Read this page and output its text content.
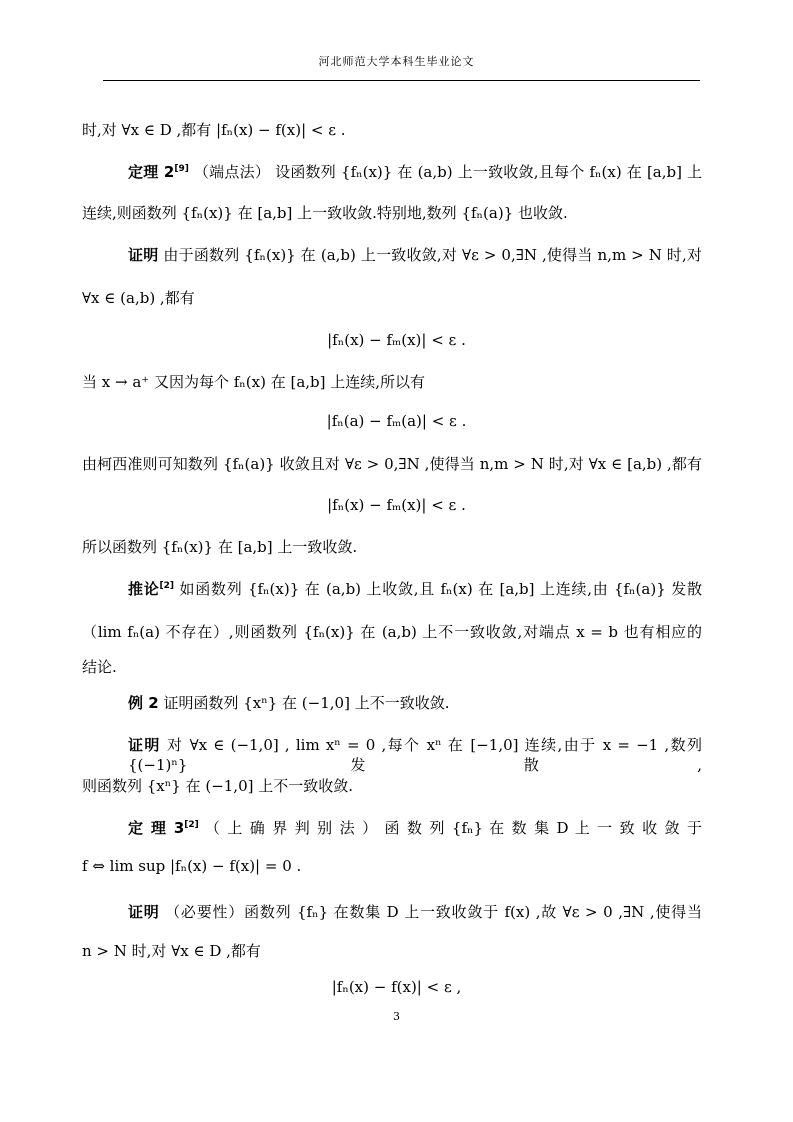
河北师范大学本科生毕业论文
时,对 ∀x ∈ D ,都有 |fₙ(x) − f(x)| < ε .
定理 2[9] （端点法） 设函数列 {fₙ(x)} 在 (a,b) 上一致收敛,且每个 fₙ(x) 在 [a,b] 上
连续,则函数列 {fₙ(x)} 在 [a,b] 上一致收敛.特别地,数列 {fₙ(a)} 也收敛.
证明 由于函数列 {fₙ(x)} 在 (a,b) 上一致收敛,对 ∀ε > 0,∃N ,使得当 n,m > N 时,对
∀x ∈ (a,b) ,都有
|fₙ(x) − fₘ(x)| < ε .
当 x → a⁺ 又因为每个 fₙ(x) 在 [a,b] 上连续,所以有
|fₙ(a) − fₘ(a)| < ε .
由柯西准则可知数列 {fₙ(a)} 收敛且对 ∀ε > 0,∃N ,使得当 n,m > N 时,对 ∀x ∈ [a,b) ,都有
|fₙ(x) − fₘ(x)| < ε .
所以函数列 {fₙ(x)} 在 [a,b] 上一致收敛.
推论[2] 如函数列 {fₙ(x)} 在 (a,b) 上收敛,且 fₙ(x) 在 [a,b] 上连续,由 {fₙ(a)} 发散
（lim fₙ(a) 不存在）,则函数列 {fₙ(x)} 在 (a,b) 上不一致收敛,对端点 x = b 也有相应的
结论.
例 2 证明函数列 {xⁿ} 在 (−1,0] 上不一致收敛.
证明 对 ∀x ∈ (−1,0] , lim xⁿ = 0 ,每个 xⁿ 在 [−1,0] 连续,由于 x = −1 ,数列 {(−1)ⁿ} 发散,
则函数列 {xⁿ} 在 (−1,0] 上不一致收敛.
定 理 3[2] （ 上 确 界 判 别 法 ） 函 数 列 {fₙ} 在 数 集 D 上 一 致 收 敛 于
f ⇔ lim sup |fₙ(x) − f(x)| = 0 .
证明 （必要性）函数列 {fₙ} 在数集 D 上一致收敛于 f(x) ,故 ∀ε > 0 ,∃N ,使得当
n > N 时,对 ∀x ∈ D ,都有
|fₙ(x) − f(x)| < ε ,
3
